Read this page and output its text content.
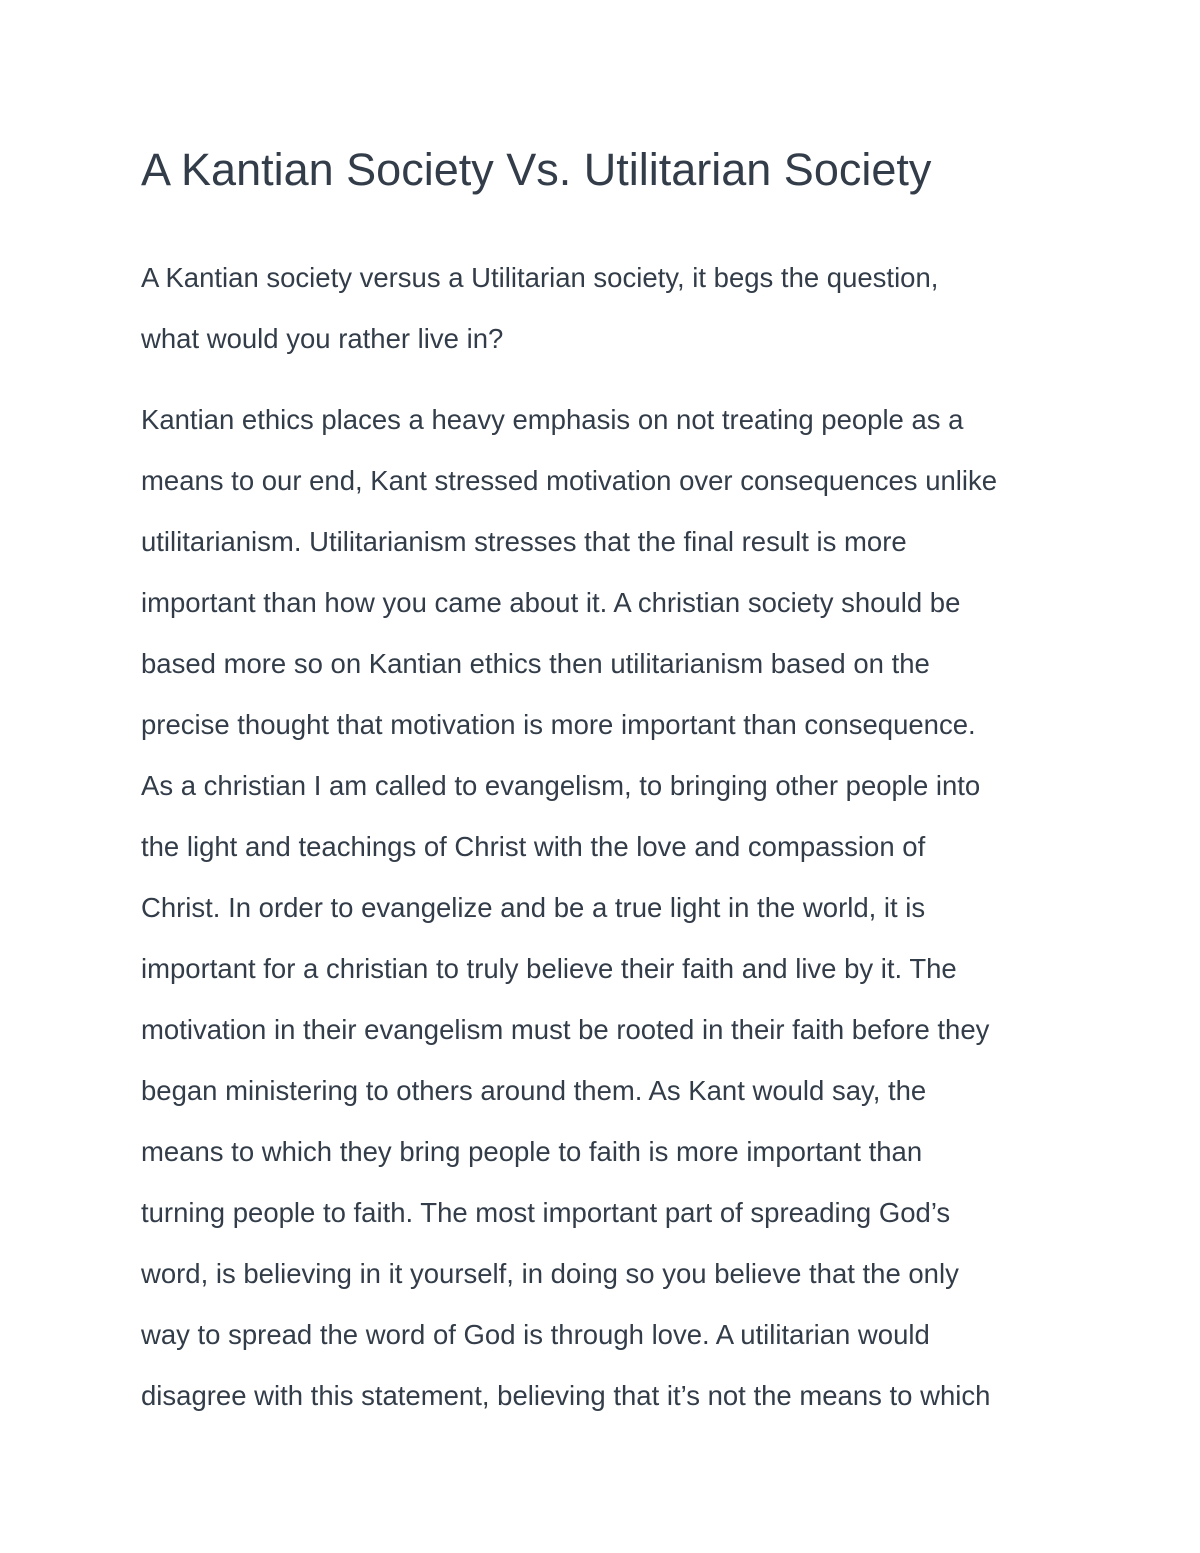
A Kantian Society Vs. Utilitarian Society

A Kantian society versus a Utilitarian society, it begs the question,
what would you rather live in?

Kantian ethics places a heavy emphasis on not treating people as a
means to our end, Kant stressed motivation over consequences unlike
utilitarianism. Utilitarianism stresses that the final result is more
important than how you came about it. A christian society should be
based more so on Kantian ethics then utilitarianism based on the
precise thought that motivation is more important than consequence.
As a christian I am called to evangelism, to bringing other people into
the light and teachings of Christ with the love and compassion of
Christ. In order to evangelize and be a true light in the world, it is
important for a christian to truly believe their faith and live by it. The
motivation in their evangelism must be rooted in their faith before they
began ministering to others around them. As Kant would say, the
means to which they bring people to faith is more important than
turning people to faith. The most important part of spreading God’s
word, is believing in it yourself, in doing so you believe that the only
way to spread the word of God is through love. A utilitarian would
disagree with this statement, believing that it’s not the means to which
